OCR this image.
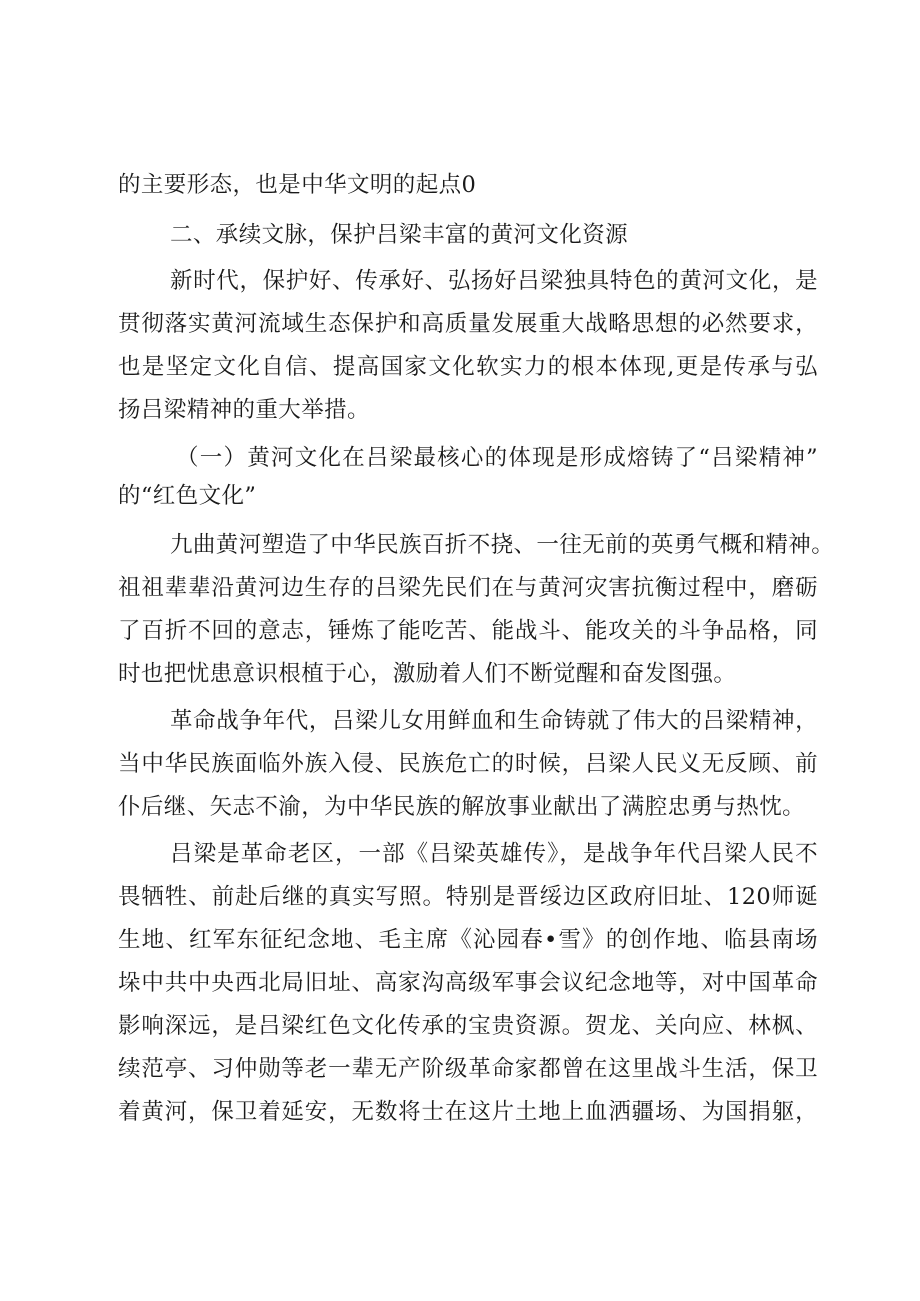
的主要形态，也是中华文明的起点0
二、承续文脉，保护吕梁丰富的黄河文化资源
新时代，保护好、传承好、弘扬好吕梁独具特色的黄河文化，是
贯彻落实黄河流域生态保护和高质量发展重大战略思想的必然要求，
也是坚定文化自信、提高国家文化软实力的根本体现,更是传承与弘
扬吕梁精神的重大举措。
（一）黄河文化在吕梁最核心的体现是形成熔铸了“吕梁精神”
的“红色文化”
九曲黄河塑造了中华民族百折不挠、一往无前的英勇气概和精神。
祖祖辈辈沿黄河边生存的吕梁先民们在与黄河灾害抗衡过程中，磨砺
了百折不回的意志，锤炼了能吃苦、能战斗、能攻关的斗争品格，同
时也把忧患意识根植于心，激励着人们不断觉醒和奋发图强。
革命战争年代，吕梁儿女用鲜血和生命铸就了伟大的吕梁精神，
当中华民族面临外族入侵、民族危亡的时候，吕梁人民义无反顾、前
仆后继、矢志不渝，为中华民族的解放事业献出了满腔忠勇与热忱。
吕梁是革命老区，一部《吕梁英雄传》，是战争年代吕梁人民不
畏牺牲、前赴后继的真实写照。特别是晋绥边区政府旧址、120师诞
生地、红军东征纪念地、毛主席《沁园春•雪》的创作地、临县南场
垛中共中央西北局旧址、高家沟高级军事会议纪念地等，对中国革命
影响深远，是吕梁红色文化传承的宝贵资源。贺龙、关向应、林枫、
续范亭、习仲勋等老一辈无产阶级革命家都曾在这里战斗生活，保卫
着黄河，保卫着延安，无数将士在这片土地上血洒疆场、为国捐躯，
